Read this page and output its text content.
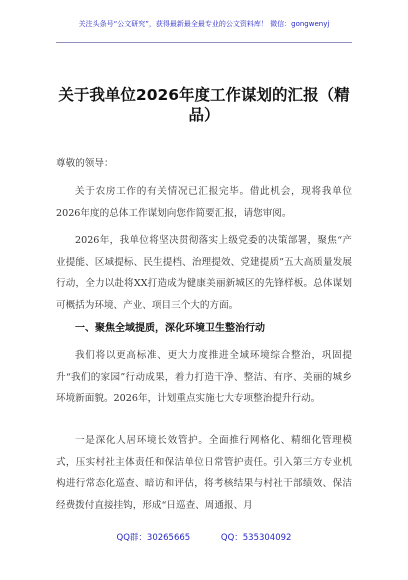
关注头条号“公文研究”，获得最新最全最专业的公文资料库！ 微信：gongwenyj
关于我单位2026年度工作谋划的汇报（精品）
尊敬的领导：
关于农房工作的有关情况已汇报完毕。借此机会，现将我单位2026年度的总体工作谋划向您作简要汇报，请您审阅。
2026年，我单位将坚决贯彻落实上级党委的决策部署，聚焦“产业提能、区域提标、民生提档、治理提效、党建提质”五大高质量发展行动，全力以赴将XX打造成为健康美丽新城区的先锋样板。总体谋划可概括为环境、产业、项目三个大的方面。
一、聚焦全域提质，深化环境卫生整治行动
我们将以更高标准、更大力度推进全域环境综合整治，巩固提升“我们的家园”行动成果，着力打造干净、整洁、有序、美丽的城乡环境新面貌。2026年，计划重点实施七大专项整治提升行动。
一是深化人居环境长效管护。全面推行网格化、精细化管理模式，压实村社主体责任和保洁单位日常管护责任。引入第三方专业机构进行常态化巡查、暗访和评估，将考核结果与村社干部绩效、保洁经费拨付直接挂钩，形成“日巡查、周通报、月
QQ群：30265665	QQ：535304092
